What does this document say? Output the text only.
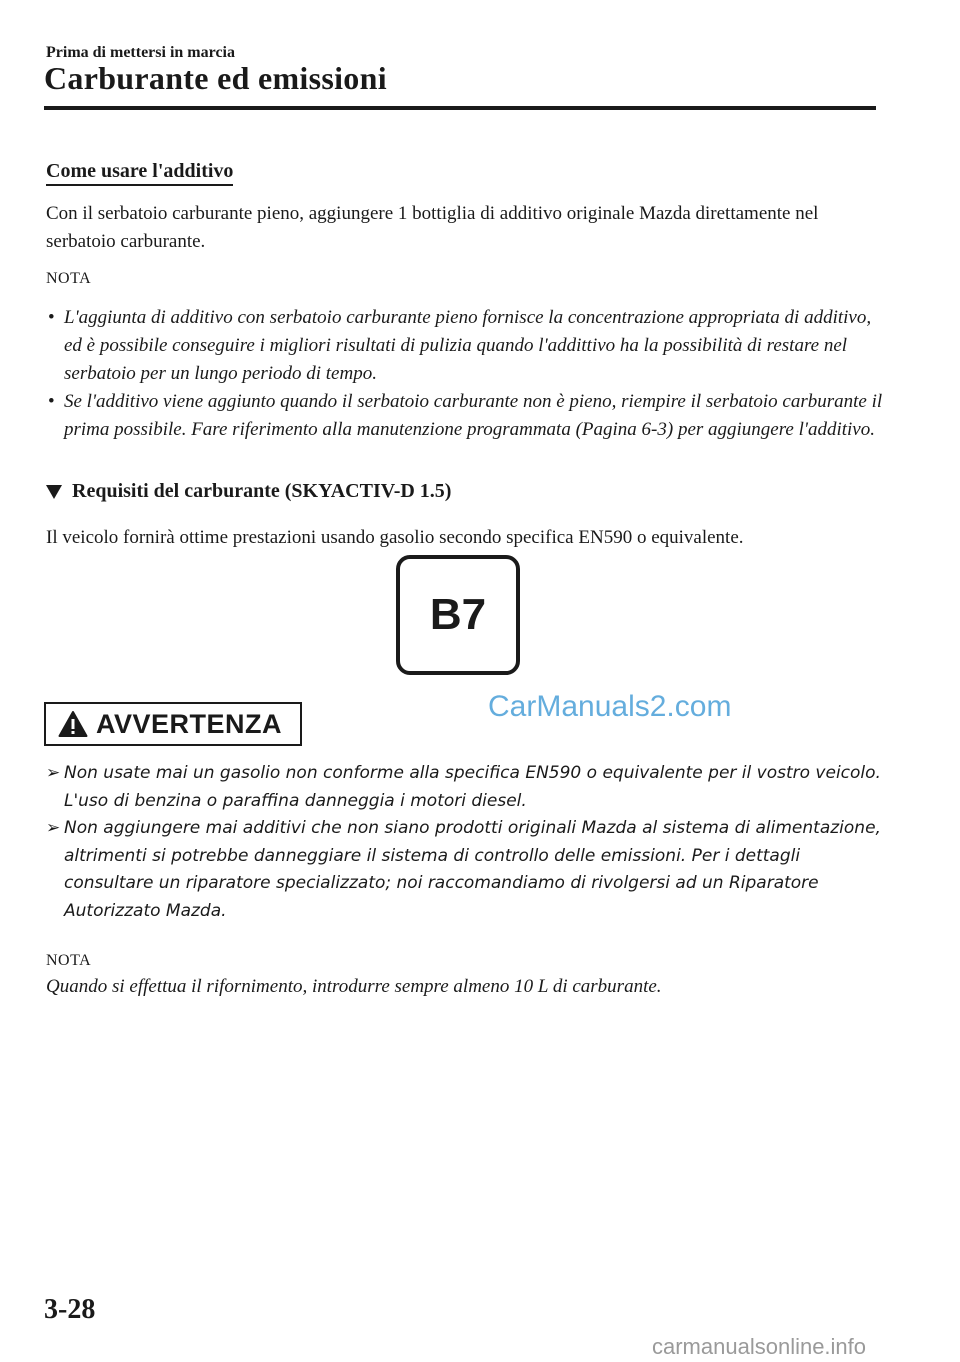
Prima di mettersi in marcia
Carburante ed emissioni
Come usare l'additivo
Con il serbatoio carburante pieno, aggiungere 1 bottiglia di additivo originale Mazda direttamente nel serbatoio carburante.
NOTA
• L'aggiunta di additivo con serbatoio carburante pieno fornisce la concentrazione appropriata di additivo, ed è possibile conseguire i migliori risultati di pulizia quando l'addittivo ha la possibilità di restare nel serbatoio per un lungo periodo di tempo.
• Se l'additivo viene aggiunto quando il serbatoio carburante non è pieno, riempire il serbatoio carburante il prima possibile. Fare riferimento alla manutenzione programmata (Pagina 6-3) per aggiungere l'additivo.
Requisiti del carburante (SKYACTIV-D 1.5)
Il veicolo fornirà ottime prestazioni usando gasolio secondo specifica EN590 o equivalente.
B7
AVVERTENZA
CarManuals2.com
➢ Non usate mai un gasolio non conforme alla specifica EN590 o equivalente per il vostro veicolo. L'uso di benzina o paraffina danneggia i motori diesel.
➢ Non aggiungere mai additivi che non siano prodotti originali Mazda al sistema di alimentazione, altrimenti si potrebbe danneggiare il sistema di controllo delle emissioni. Per i dettagli consultare un riparatore specializzato; noi raccomandiamo di rivolgersi ad un Riparatore Autorizzato Mazda.
NOTA
Quando si effettua il rifornimento, introdurre sempre almeno 10 L di carburante.
3-28
carmanualsonline.info
